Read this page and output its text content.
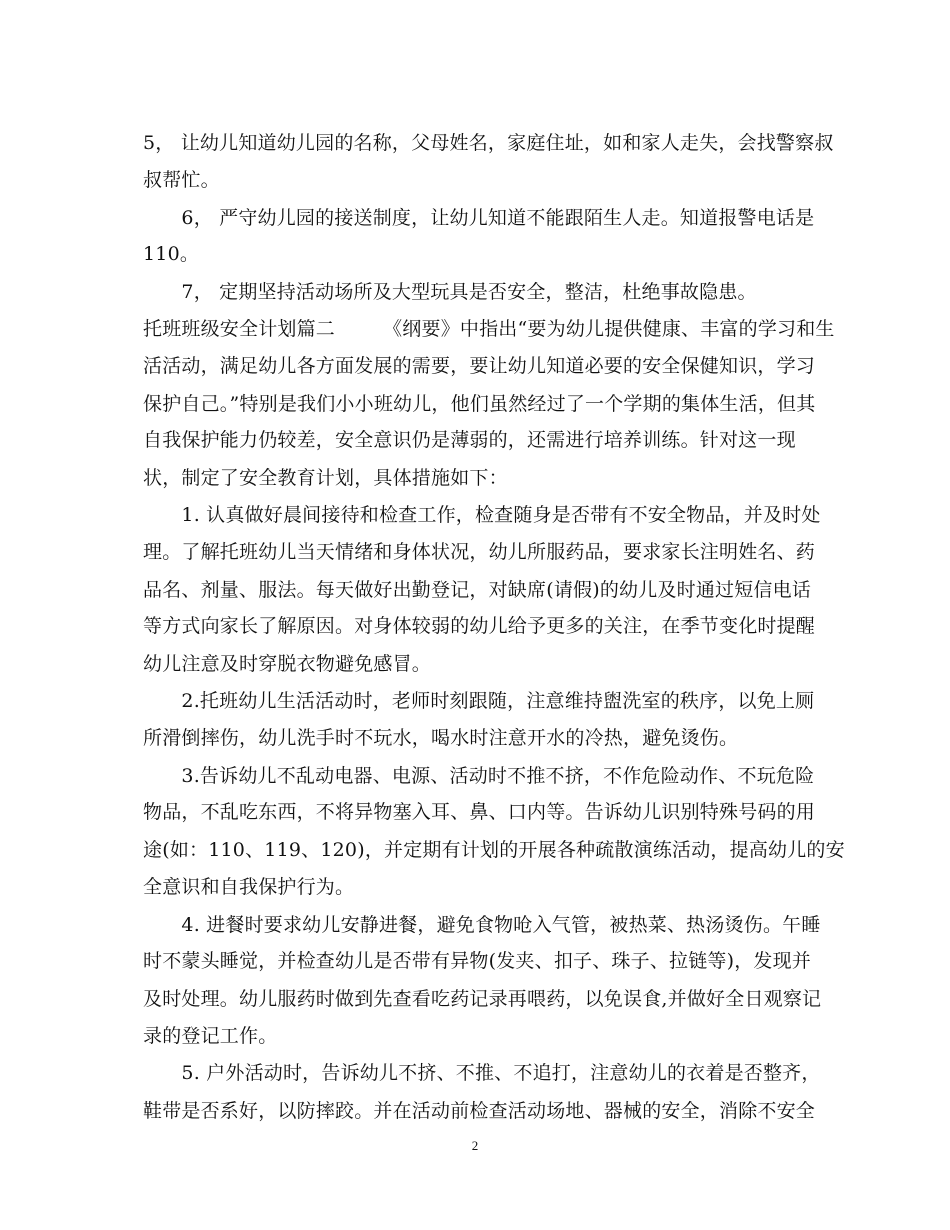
5， 让幼儿知道幼儿园的名称，父母姓名，家庭住址，如和家人走失，会找警察叔
叔帮忙。
　　6， 严守幼儿园的接送制度，让幼儿知道不能跟陌生人走。知道报警电话是
110。
　　7， 定期坚持活动场所及大型玩具是否安全，整洁，杜绝事故隐患。
托班班级安全计划篇二　　　《纲要》中指出“要为幼儿提供健康、丰富的学习和生
活活动，满足幼儿各方面发展的需要，要让幼儿知道必要的安全保健知识，学习
保护自己。”特别是我们小小班幼儿，他们虽然经过了一个学期的集体生活，但其
自我保护能力仍较差，安全意识仍是薄弱的，还需进行培养训练。针对这一现
状，制定了安全教育计划，具体措施如下：
　　1. 认真做好晨间接待和检查工作，检查随身是否带有不安全物品，并及时处
理。了解托班幼儿当天情绪和身体状况，幼儿所服药品，要求家长注明姓名、药
品名、剂量、服法。每天做好出勤登记，对缺席(请假)的幼儿及时通过短信电话
等方式向家长了解原因。对身体较弱的幼儿给予更多的关注，在季节变化时提醒
幼儿注意及时穿脱衣物避免感冒。
　　2.托班幼儿生活活动时，老师时刻跟随，注意维持盥洗室的秩序，以免上厕
所滑倒摔伤，幼儿洗手时不玩水，喝水时注意开水的冷热，避免烫伤。
　　3.告诉幼儿不乱动电器、电源、活动时不推不挤，不作危险动作、不玩危险
物品，不乱吃东西，不将异物塞入耳、鼻、口内等。告诉幼儿识别特殊号码的用
途(如：110、119、120)，并定期有计划的开展各种疏散演练活动，提高幼儿的安
全意识和自我保护行为。
　　4. 进餐时要求幼儿安静进餐，避免食物呛入气管，被热菜、热汤烫伤。午睡
时不蒙头睡觉，并检查幼儿是否带有异物(发夹、扣子、珠子、拉链等)，发现并
及时处理。幼儿服药时做到先查看吃药记录再喂药，以免误食,并做好全日观察记
录的登记工作。
　　5. 户外活动时，告诉幼儿不挤、不推、不追打，注意幼儿的衣着是否整齐，
鞋带是否系好，以防摔跤。并在活动前检查活动场地、器械的安全，消除不安全
2
